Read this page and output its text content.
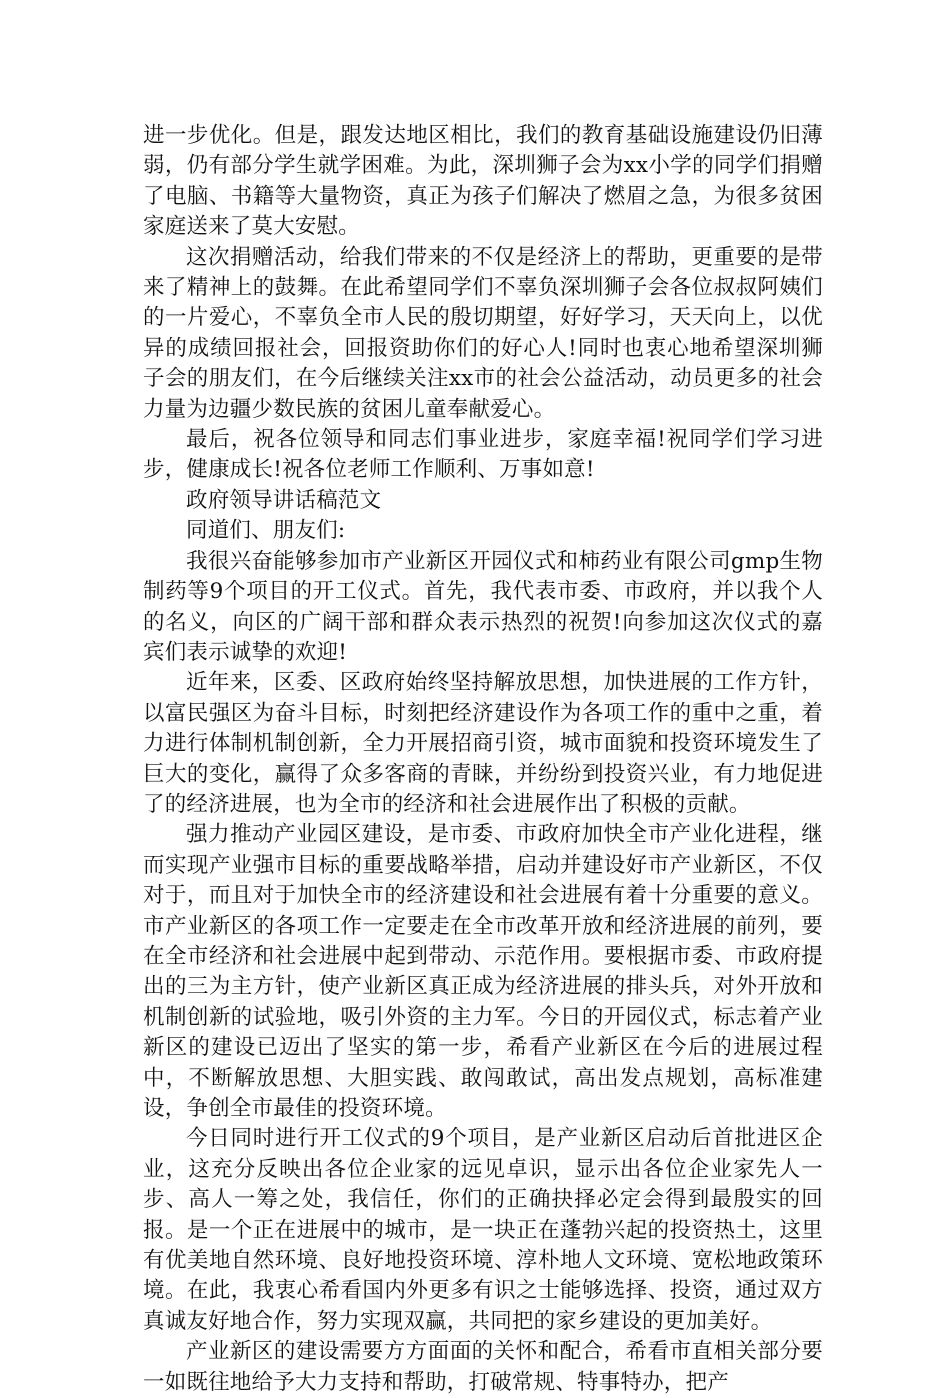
进一步优化。但是，跟发达地区相比，我们的教育基础设施建设仍旧薄弱，仍有部分学生就学困难。为此，深圳狮子会为xx小学的同学们捐赠了电脑、书籍等大量物资，真正为孩子们解决了燃眉之急，为很多贫困家庭送来了莫大安慰。

这次捐赠活动，给我们带来的不仅是经济上的帮助，更重要的是带来了精神上的鼓舞。在此希望同学们不辜负深圳狮子会各位叔叔阿姨们的一片爱心，不辜负全市人民的殷切期望，好好学习，天天向上，以优异的成绩回报社会，回报资助你们的好心人!同时也衷心地希望深圳狮子会的朋友们，在今后继续关注xx市的社会公益活动，动员更多的社会力量为边疆少数民族的贫困儿童奉献爱心。

最后，祝各位领导和同志们事业进步，家庭幸福!祝同学们学习进步，健康成长!祝各位老师工作顺利、万事如意!

政府领导讲话稿范文

同道们、朋友们:

我很兴奋能够参加市产业新区开园仪式和柿药业有限公司gmp生物制药等9个项目的开工仪式。首先，我代表市委、市政府，并以我个人的名义，向区的广阔干部和群众表示热烈的祝贺!向参加这次仪式的嘉宾们表示诚挚的欢迎!

近年来，区委、区政府始终坚持解放思想，加快进展的工作方针，以富民强区为奋斗目标，时刻把经济建设作为各项工作的重中之重，着力进行体制机制创新，全力开展招商引资，城市面貌和投资环境发生了巨大的变化，赢得了众多客商的青睐，并纷纷到投资兴业，有力地促进了的经济进展，也为全市的经济和社会进展作出了积极的贡献。

强力推动产业园区建设，是市委、市政府加快全市产业化进程，继而实现产业强市目标的重要战略举措，启动并建设好市产业新区，不仅对于，而且对于加快全市的经济建设和社会进展有着十分重要的意义。市产业新区的各项工作一定要走在全市改革开放和经济进展的前列，要在全市经济和社会进展中起到带动、示范作用。要根据市委、市政府提出的三为主方针，使产业新区真正成为经济进展的排头兵，对外开放和机制创新的试验地，吸引外资的主力军。今日的开园仪式，标志着产业新区的建设已迈出了坚实的第一步，希看产业新区在今后的进展过程中，不断解放思想、大胆实践、敢闯敢试，高出发点规划，高标准建设，争创全市最佳的投资环境。

今日同时进行开工仪式的9个项目，是产业新区启动后首批进区企业，这充分反映出各位企业家的远见卓识，显示出各位企业家先人一步、高人一筹之处，我信任，你们的正确抉择必定会得到最殷实的回报。是一个正在进展中的城市，是一块正在蓬勃兴起的投资热土，这里有优美地自然环境、良好地投资环境、淳朴地人文环境、宽松地政策环境。在此，我衷心希看国内外更多有识之士能够选择、投资，通过双方真诚友好地合作，努力实现双赢，共同把的家乡建设的更加美好。

产业新区的建设需要方方面面的关怀和配合，希看市直相关部分要一如既往地给予大力支持和帮助，打破常规、特事特办，把产
